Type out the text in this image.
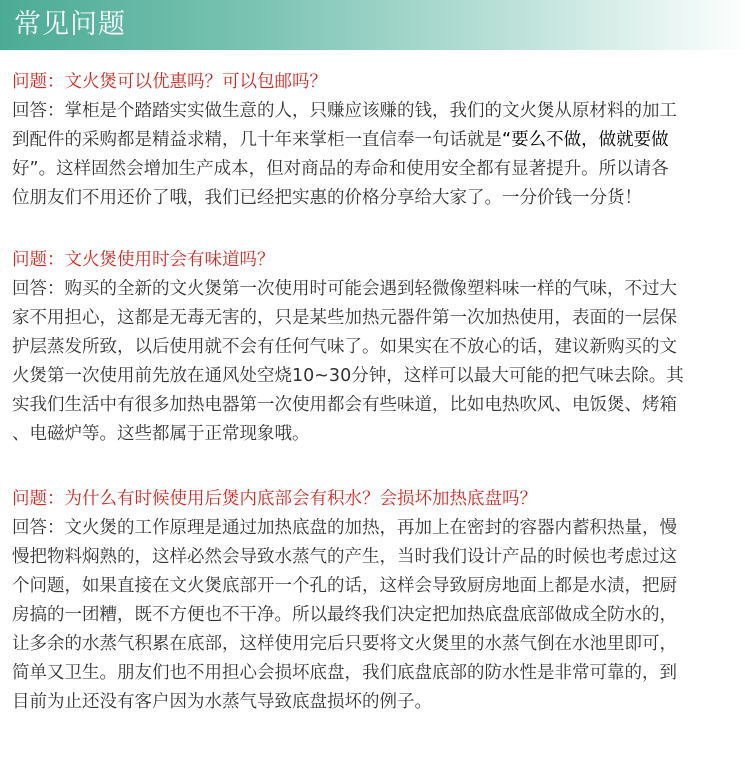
常见问题
问题：文火煲可以优惠吗？可以包邮吗？
回答：掌柜是个踏踏实实做生意的人，只赚应该赚的钱，我们的文火煲从原材料的加工
到配件的采购都是精益求精，几十年来掌柜一直信奉一句话就是“要么不做，做就要做
好”。这样固然会增加生产成本，但对商品的寿命和使用安全都有显著提升。所以请各
位朋友们不用还价了哦，我们已经把实惠的价格分享给大家了。一分价钱一分货！
问题：文火煲使用时会有味道吗？
回答：购买的全新的文火煲第一次使用时可能会遇到轻微像塑料味一样的气味，不过大
家不用担心，这都是无毒无害的，只是某些加热元器件第一次加热使用，表面的一层保
护层蒸发所致，以后使用就不会有任何气味了。如果实在不放心的话，建议新购买的文
火煲第一次使用前先放在通风处空烧10~30分钟，这样可以最大可能的把气味去除。其
实我们生活中有很多加热电器第一次使用都会有些味道，比如电热吹风、电饭煲、烤箱
、电磁炉等。这些都属于正常现象哦。
问题：为什么有时候使用后煲内底部会有积水？会损坏加热底盘吗？
回答：文火煲的工作原理是通过加热底盘的加热，再加上在密封的容器内蓄积热量，慢
慢把物料焖熟的，这样必然会导致水蒸气的产生，当时我们设计产品的时候也考虑过这
个问题，如果直接在文火煲底部开一个孔的话，这样会导致厨房地面上都是水渍，把厨
房搞的一团糟，既不方便也不干净。所以最终我们决定把加热底盘底部做成全防水的，
让多余的水蒸气积累在底部，这样使用完后只要将文火煲里的水蒸气倒在水池里即可，
简单又卫生。朋友们也不用担心会损坏底盘，我们底盘底部的防水性是非常可靠的，到
目前为止还没有客户因为水蒸气导致底盘损坏的例子。
